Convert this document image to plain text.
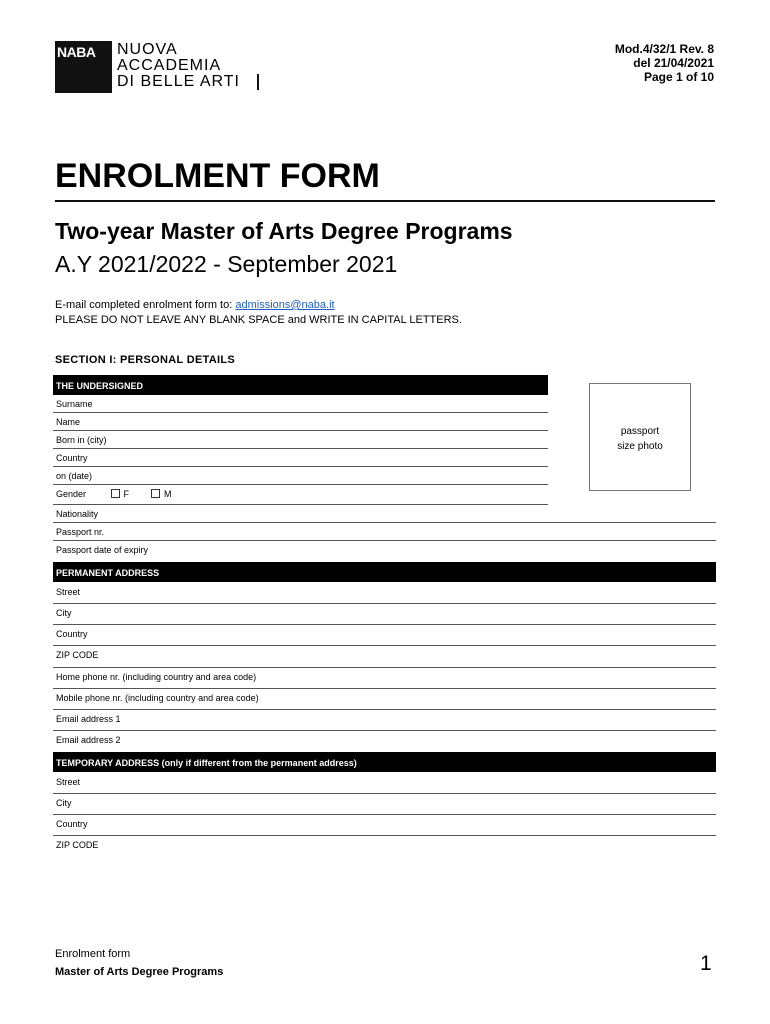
NABA NUOVA
ACCADEMIA
DI BELLE ARTI
Mod.4/32/1 Rev. 8
del 21/04/2021
Page 1 of 10
ENROLMENT FORM
Two-year Master of Arts Degree Programs
A.Y 2021/2022 - September 2021
E-mail completed enrolment form to: admissions@naba.it
PLEASE DO NOT LEAVE ANY BLANK SPACE and WRITE IN CAPITAL LETTERS.
SECTION I: PERSONAL DETAILS
THE UNDERSIGNED
Surname
Name
Born in (city)
Country
on (date)
Gender	F	M
Nationality
Passport nr.
Passport date of expiry
passport
size photo
PERMANENT ADDRESS
Street
City
Country
ZIP CODE
Home phone nr. (including country and area code)
Mobile phone nr. (including country and area code)
Email address 1
Email address 2
TEMPORARY ADDRESS (only if different from the permanent address)
Street
City
Country
ZIP CODE
Enrolment form
Master of Arts Degree Programs	1
